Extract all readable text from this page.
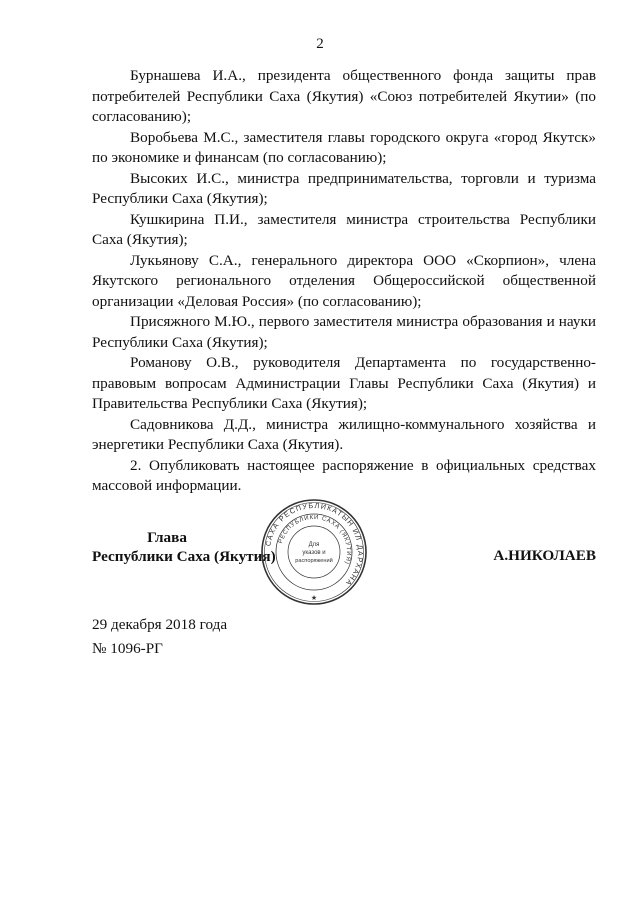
2

Бурнашева И.А., президента общественного фонда защиты прав потребителей Республики Саха (Якутия) «Союз потребителей Якутии» (по согласованию);

Воробьева М.С., заместителя главы городского округа «город Якутск» по экономике и финансам (по согласованию);

Высоких И.С., министра предпринимательства, торговли и туризма Республики Саха (Якутия);

Кушкирина П.И., заместителя министра строительства Республики Саха (Якутия);

Лукьянову С.А., генерального директора ООО «Скорпион», члена Якутского регионального отделения Общероссийской общественной организации «Деловая Россия» (по согласованию);

Присяжного М.Ю., первого заместителя министра образования и науки Республики Саха (Якутия);

Романову О.В., руководителя Департамента по государственно-правовым вопросам Администрации Главы Республики Саха (Якутия) и Правительства Республики Саха (Якутия);

Садовникова Д.Д., министра жилищно-коммунального хозяйства и энергетики Республики Саха (Якутия).

2. Опубликовать настоящее распоряжение в официальных средствах массовой информации.

Глава
Республики Саха (Якутия)
САХА РЕСПУБЛИКАТЫН ИЛ ДАРХАНА
РЕСПУБЛИКИ САХА (ЯКУТИЯ)
Для
указов и
распоряжений
★
А.НИКОЛАЕВ
29 декабря 2018 года
№ 1096-РГ
